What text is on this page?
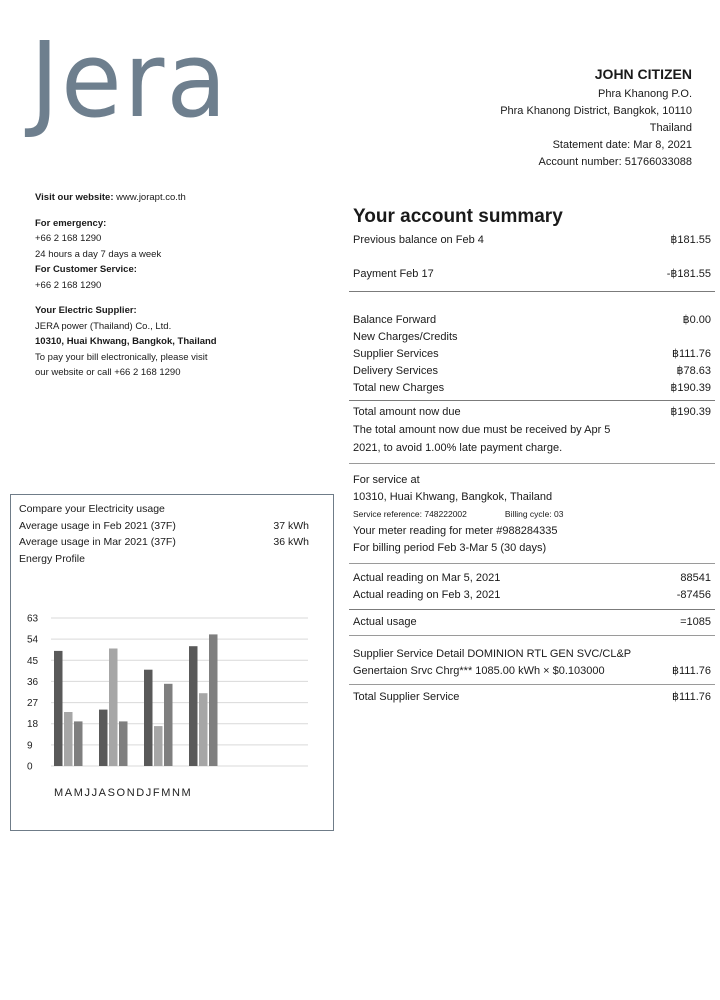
Jera	JOHN CITIZEN
Phra Khanong P.O.
Phra Khanong District, Bangkok, 10110
Thailand
Statement date: Mar 8, 2021
Account number: 51766033088
Visit our website: www.jorapt.co.th
For emergency:
+66 2 168 1290
24 hours a day 7 days a week
For Customer Service:
+66 2 168 1290
Your Electric Supplier:
JERA power (Thailand) Co., Ltd.
10310, Huai Khwang, Bangkok, Thailand
To pay your bill electronically, please visit
our website or call +66 2 168 1290
Your account summary
Previous balance on Feb 4	฿181.55
Payment Feb 17	-฿181.55
Balance Forward	฿0.00
New Charges/Credits
Supplier Services	฿111.76
Delivery Services	฿78.63
Total new Charges	฿190.39
Total amount now due	฿190.39
The total amount now due must be received by Apr 5
2021, to avoid 1.00% late payment charge.
For service at
10310, Huai Khwang, Bangkok, Thailand
Service reference: 748222002	Billing cycle: 03
Your meter reading for meter #988284335
For billing period Feb 3-Mar 5 (30 days)
Actual reading on Mar 5, 2021	88541
Actual reading on Feb 3, 2021	-87456
Actual usage	=1085
Supplier Service Detail DOMINION RTL GEN SVC/CL&P
Genertaion Srvc Chrg*** 1085.00 kWh × $0.103000	฿111.76
Total Supplier Service	฿111.76
0
9
18
27
36
45
54
63
MAMJJASONDJFMNM
Compare your Electricity usage
Average usage in Feb 2021 (37F)	37 kWh
Average usage in Mar 2021 (37F)	36 kWh
Energy Profile
